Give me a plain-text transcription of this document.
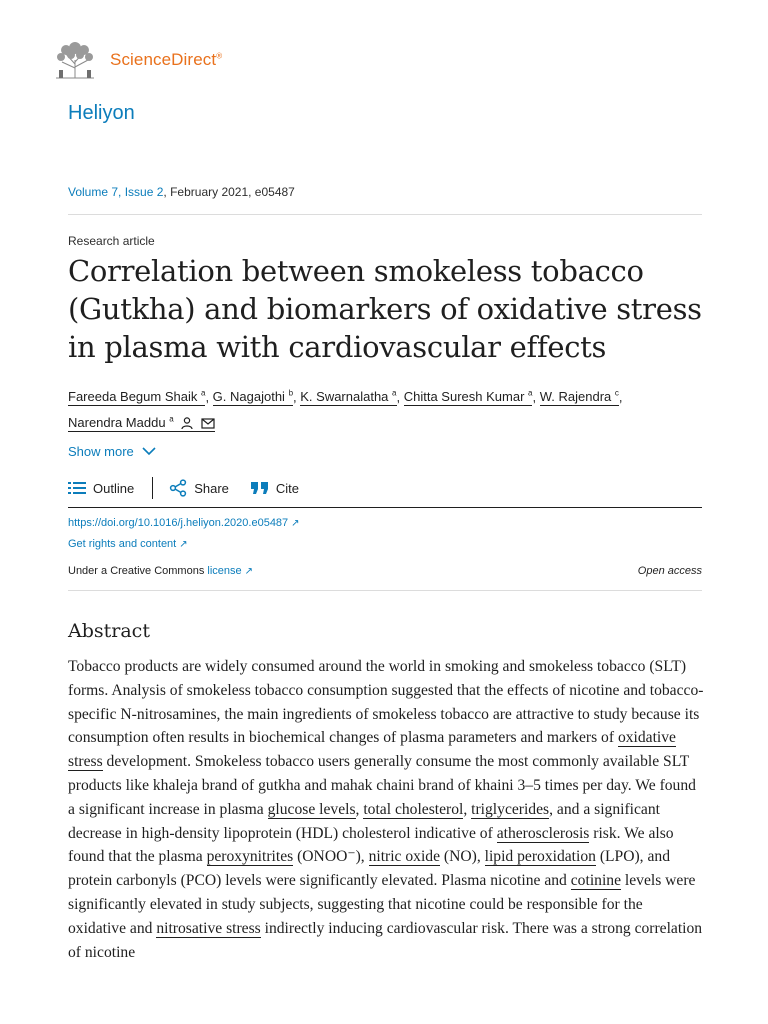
ScienceDirect®
Heliyon
Volume 7, Issue 2, February 2021, e05487
Research article
Correlation between smokeless tobacco
(Gutkha) and biomarkers of oxidative stress
in plasma with cardiovascular effects
Fareeda Begum Shaik $^a$, G. Nagajothi $^b$, K. Swarnalatha $^a$, Chitta Suresh Kumar $^a$, W. Rajendra $^c$,
Narendra Maddu $^a$
Show more
Outline	Share	Cite
https://doi.org/10.1016/j.heliyon.2020.e05487 ↗
Get rights and content ↗
Under a Creative Commons license ↗	Open access
Abstract
Tobacco products are widely consumed around the world in smoking and smokeless tobacco (SLT) forms. Analysis of smokeless tobacco consumption suggested that the effects of nicotine and tobacco-specific N-nitrosamines, the main ingredients of smokeless tobacco are attractive to study because its consumption often results in biochemical changes of plasma parameters and markers of oxidative stress development. Smokeless tobacco users generally consume the most commonly available SLT products like khaleja brand of gutkha and mahak chaini brand of khaini 3–5 times per day. We found a significant increase in plasma glucose levels, total cholesterol, triglycerides, and a significant decrease in high-density lipoprotein (HDL) cholesterol indicative of atherosclerosis risk. We also found that the plasma peroxynitrites (ONOO⁻), nitric oxide (NO), lipid peroxidation (LPO), and protein carbonyls (PCO) levels were significantly elevated. Plasma nicotine and cotinine levels were significantly elevated in study subjects, suggesting that nicotine could be responsible for the oxidative and nitrosative stress indirectly inducing cardiovascular risk. There was a strong correlation of nicotine
